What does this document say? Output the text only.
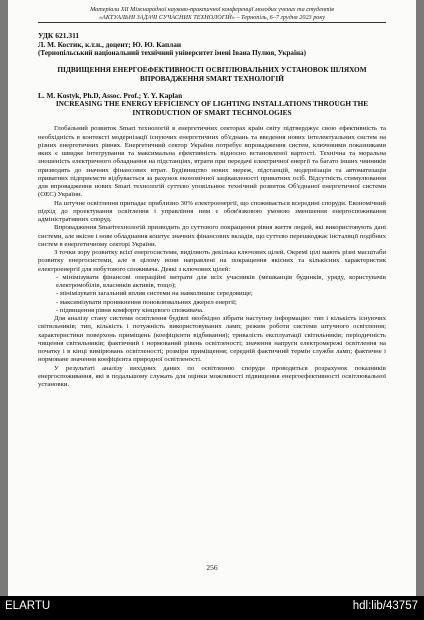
Матеріали ХІІ Міжнародної науково-практичної конференції молодих учених та студентів
«АКТУАЛЬНІ ЗАДАЧІ СУЧАСНИХ ТЕХНОЛОГІЙ» – Тернопіль, 6–7 грудня 2023 року
УДК 621.311
Л. М. Костик, к.т.н., доцент; Ю. Ю. Каплан
(Тернопільський національний технічний університет імені Івана Пулюя, Україна)
ПІДВИЩЕННЯ ЕНЕРГОЕФЕКТИВНОСТІ ОСВІТЛЮВАЛЬНИХ УСТАНОВОК ШЛЯХОМ ВПРОВАДЖЕННЯ SMART ТЕХНОЛОГІЙ
L. M. Kostyk, Ph.D, Assoc. Prof.; Y. Y. Kaplan
INCREASING THE ENERGY EFFICIENCY OF LIGHTING INSTALLATIONS THROUGH THE INTRODUCTION OF SMART TECHNOLOGIES

Глобальний розвиток Smart технологій в енергетичних секторах країн світу підтверджує свою ефективність та необхідність в контексті модернізації існуючих енергетичних об'єднань та введення нових інтелектуальних систем на різних енергетичних рівнях. Енергетичний сектор України потребує впровадження систем, ключовими показниками яких є швидке інтегрування та максимальна ефективність відносно встановленої вартості. Технічна та моральна зношеність електричного обладнання на підстанціях, втрати при передачі електричної енергії та багато інших чинників призводять до значних фінансових втрат. Будівництво нових мереж, підстанцій, модернізація та автоматизація приватних підприємств відбувається за рахунок економічної зацікавленості приватних осіб. Відсутність стимулювання для впровадження нових Smart технологій суттєво уповільнює технічний розвиток Об'єднаної енергетичної системи (ОЕС) України.

На штучне освітлення припадає приблизно 30% електроенергії, що споживається всередині споруди. Економічний підхід до проектування освітлення і управління ним є обов'язковою умовою зменшення енергоспоживання адміністративних споруд.

Впровадження Smartтехнологій призводить до суттєвого покращення рівня життя людей, які використовують дані системи, але якісне і нове обладнання коштує значних фінансових вкладів, що суттєво перешкоджає інсталяції подібних систем в енергетичному секторі України.

З точки зору розвитку всієї енергосистеми, виділяють декілька ключових цілей. Окремі цілі мають різні масштаби розвитку енергосистеми, але в цілому вони направлені на покращення якісних та кількісних характеристик електроенергії для побутового споживача. Деякі з ключових цілей:

- мінімізувати фінансові операційні витрати для всіх учасників (мешканців будинків, уряду, користувачів електромобілів, власників активів, тощо);

- мінімізувати загальний вплив системи на навколишнє середовище;

- максимізувати проникнення поновлювальних джерел енергії;

- підвищення рівня комфорту кінцевого споживача.

Для аналізу стану системи освітлення будівлі необхідно зібрати наступну інформацію: тип і кількість існуючих світильників; тип, кількість і потужність використовуваних ламп; режим роботи системи штучного освітлення; характеристики поверхонь приміщень (коефіцієнти відбивання); тривалість експлуатації світильників; періодичність чищення світильників; фактичний і нормований рівень освітленості; значення напруги електромережі освітлення на початку і в кінці вимірювань освітленості; розміри приміщення; середній фактичний термін служби ламп; фактичне і нормоване значення коефіцієнта природної освітленості.

У результаті аналізу вихідних даних по освітленню споруди проводиться розрахунок показників енергоспоживання, які в подальшому служать для оцінки можливості підвищення енергоефективності освітлювальної установки.

256
ELARTU	hdl:lib/43757
